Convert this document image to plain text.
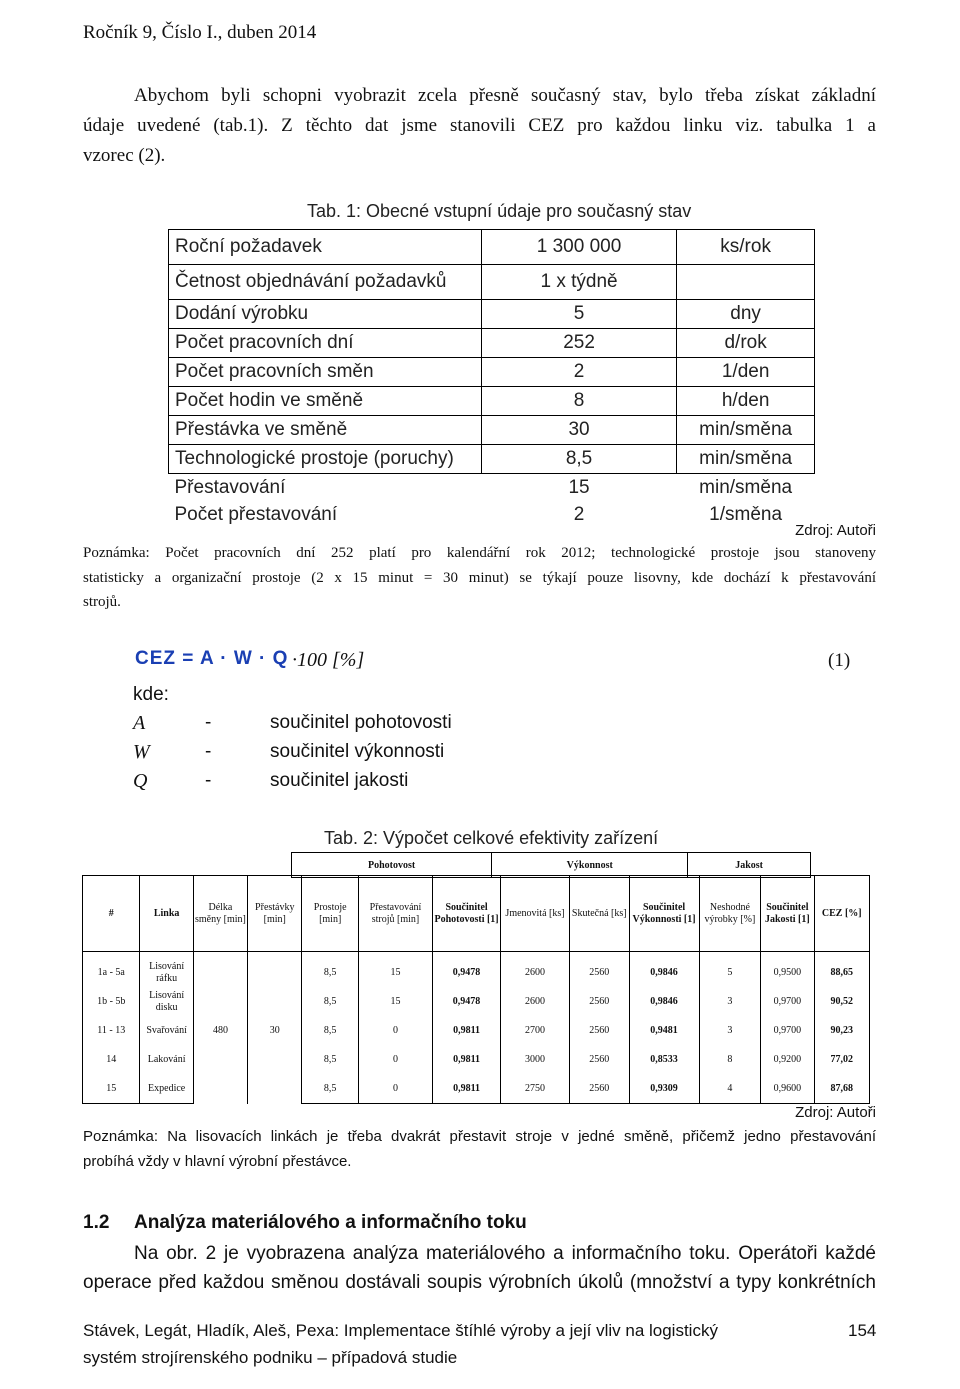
Ročník 9, Číslo I., duben 2014
Abychom byli schopni vyobrazit zcela přesně současný stav, bylo třeba získat základní
údaje uvedené (tab.1). Z těchto dat jsme stanovili CEZ pro každou linku viz. tabulka 1 a
vzorec (2).
Tab. 1: Obecné vstupní údaje pro současný stav
Roční požadavek	1 300 000	ks/rok
Četnost objednávání požadavků	1 x týdně	
Dodání výrobku	5	dny
Počet pracovních dní	252	d/rok
Počet pracovních směn	2	1/den
Počet hodin ve směně	8	h/den
Přestávka ve směně	30	min/směna
Technologické prostoje (poruchy)	8,5	min/směna
Přestavování	15	min/směna
Počet přestavování	2	1/směna
Zdroj: Autoři
Poznámka: Počet pracovních dní 252 platí pro kalendářní rok 2012; technologické prostoje jsou stanoveny
statisticky a organizační prostoje (2 x 15 minut = 30 minut) se týkají pouze lisovny, kde dochází k přestavování
strojů.
CEZ = A · W · Q ·100 [%]	(1)
kde:
A	-	součinitel pohotovosti
W	-	součinitel výkonnosti
Q	-	součinitel jakosti
Tab. 2: Výpočet celkové efektivity zařízení
Pohotovost	Výkonnost	Jakost
#	Linka	Délka směny [min]	Přestávky [min]	Prostoje [min]	Přestavování strojů [min]	Součinitel Pohotovosti [1]	Jmenovitá [ks]	Skutečná [ks]	Součinitel Výkonnosti [1]	Neshodné výrobky [%]	Součinitel Jakosti [1]	CEZ [%]

1a - 5a	Lisování ráfku	480	30	8,5	15	0,9478	2600	2560	0,9846	5	0,9500	88,65
1b - 5b	Lisování disku			8,5	15	0,9478	2600	2560	0,9846	3	0,9700	90,52
11 - 13	Svařování			8,5	0	0,9811	2700	2560	0,9481	3	0,9700	90,23
14	Lakování			8,5	0	0,9811	3000	2560	0,8533	8	0,9200	77,02
15	Expedice			8,5	0	0,9811	2750	2560	0,9309	4	0,9600	87,68
Zdroj: Autoři
Poznámka: Na lisovacích linkách je třeba dvakrát přestavit stroje v jedné směně, přičemž jedno přestavování
probíhá vždy v hlavní výrobní přestávce.
1.2 Analýza materiálového a informačního toku
Na obr. 2 je vyobrazena analýza materiálového a informačního toku. Operátoři každé
operace před každou směnou dostávali soupis výrobních úkolů (množství a typy konkrétních
Stávek, Legát, Hladík, Aleš, Pexa: Implementace štíhlé výroby a její vliv na logistický
systém strojírenského podniku – případová studie
154
